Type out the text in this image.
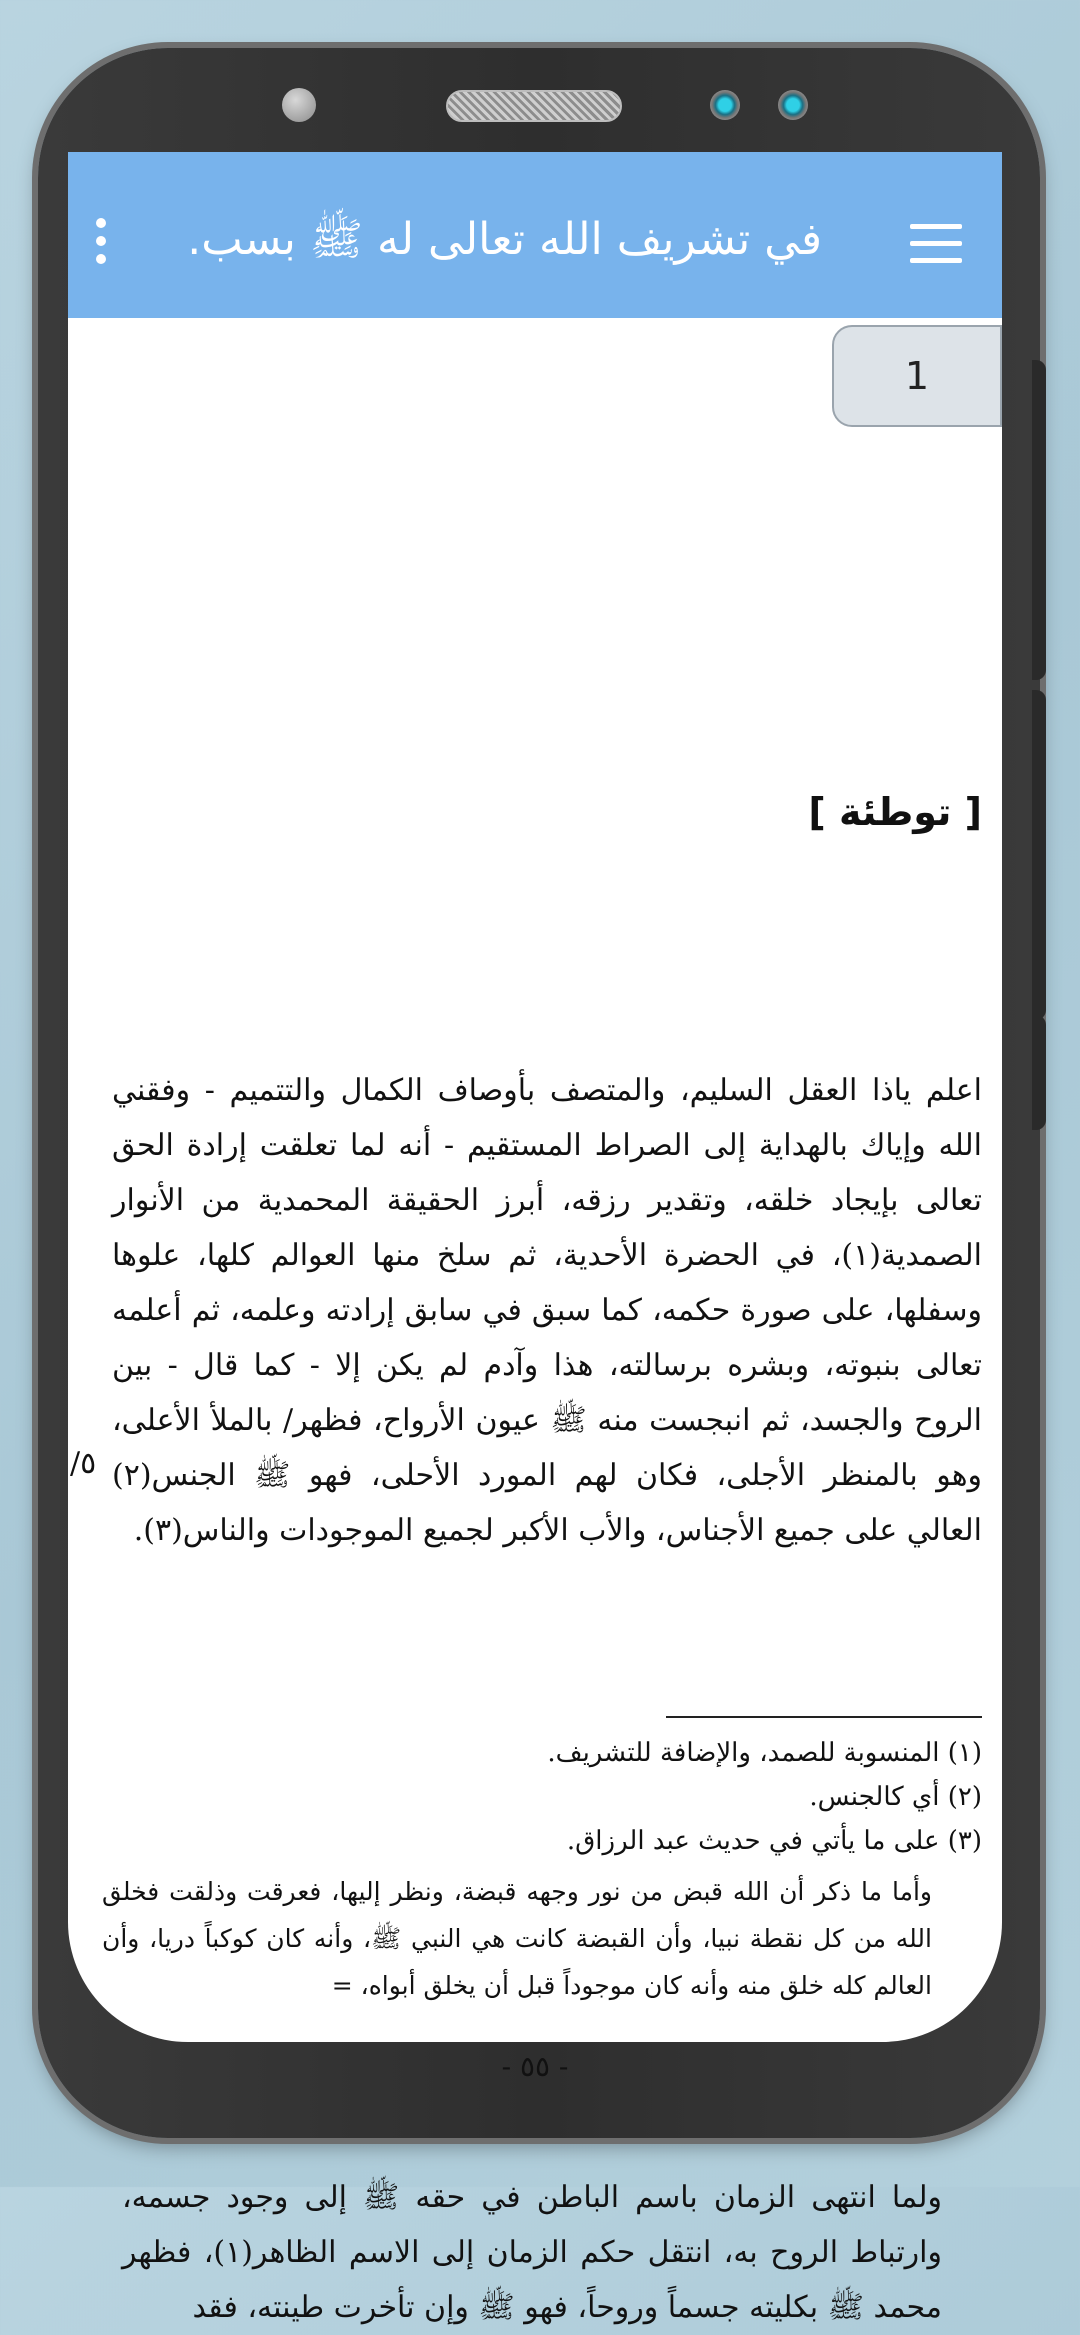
في تشريف الله تعالى له ﷺ بسب.
1
[ توطئة ]
اعلم ياذا العقل السليم، والمتصف بأوصاف الكمال والتتميم - وفقني الله وإياك بالهداية إلى الصراط المستقيم - أنه لما تعلقت إرادة الحق تعالى بإيجاد خلقه، وتقدير رزقه، أبرز الحقيقة المحمدية من الأنوار الصمدية(١)، في الحضرة الأحدية، ثم سلخ منها العوالم كلها، علوها وسفلها، على صورة حكمه، كما سبق في سابق إرادته وعلمه، ثم أعلمه تعالى بنبوته، وبشره برسالته، هذا وآدم لم يكن إلا - كما قال - بين الروح والجسد، ثم انبجست منه ﷺ عيون الأرواح، فظهر/ بالملأ الأعلى، وهو بالمنظر الأجلى، فكان لهم المورد الأحلى، فهو ﷺ الجنس(٢) العالي على جميع الأجناس، والأب الأكبر لجميع الموجودات والناس(٣).
٥/
(١) المنسوبة للصمد، والإضافة للتشريف.
(٢) أي كالجنس.
(٣) على ما يأتي في حديث عبد الرزاق.
وأما ما ذكر أن الله قبض من نور وجهه قبضة، ونظر إليها، فعرقت وذلقت فخلق الله من كل نقطة نبيا، وأن القبضة كانت هي النبي ﷺ، وأنه كان كوكباً دريا، وأن العالم كله خلق منه وأنه كان موجوداً قبل أن يخلق أبواه، =
- ٥٥ -
ولما انتهى الزمان باسم الباطن في حقه ﷺ إلى وجود جسمه، وارتباط الروح به، انتقل حكم الزمان إلى الاسم الظاهر(١)، فظهر محمد ﷺ بكليته جسماً وروحاً، فهو ﷺ وإن تأخرت طينته، فقد
